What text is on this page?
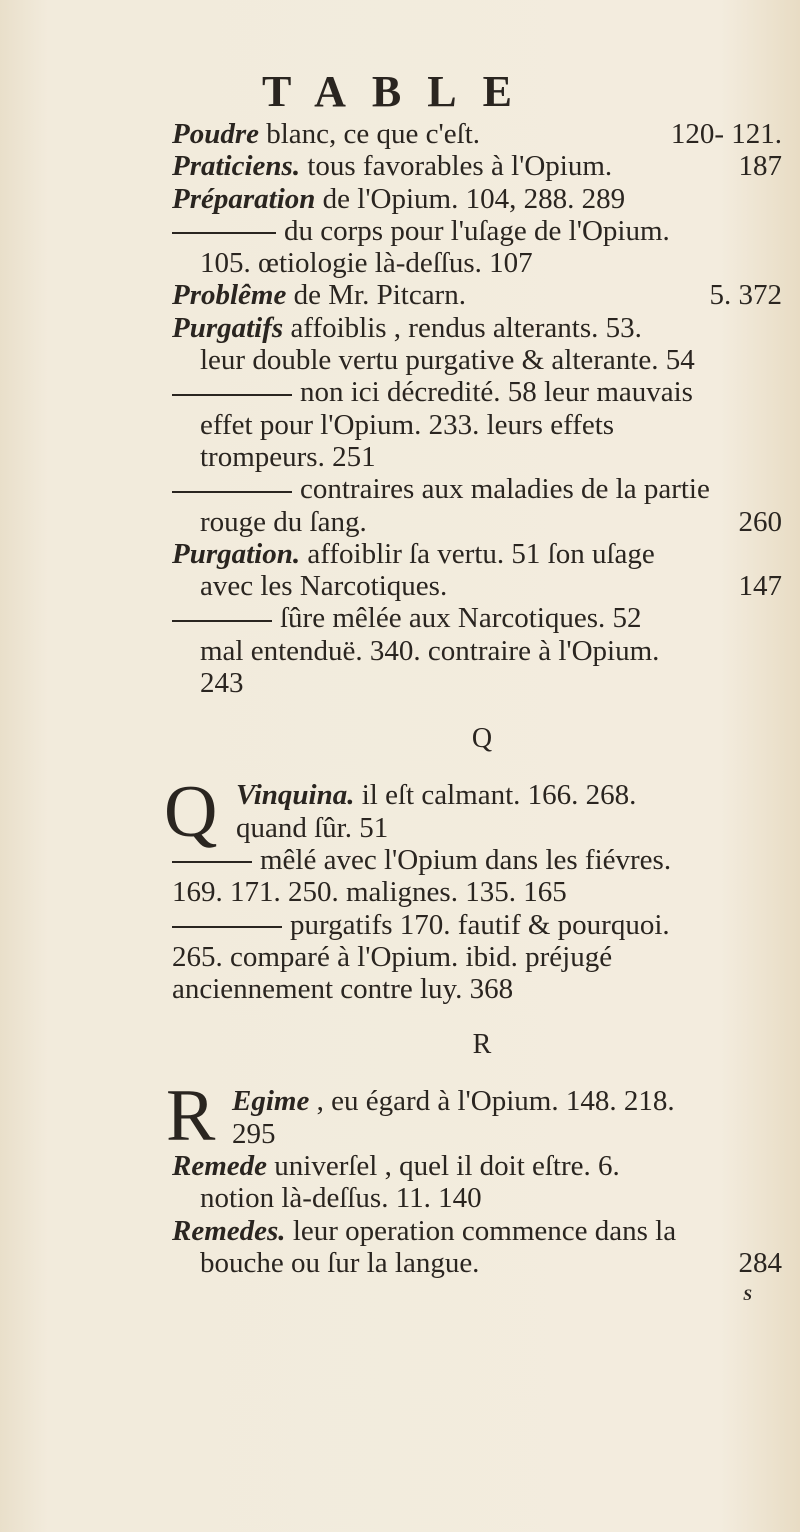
TABLE
Poudre blanc, ce que c'eſt.	120- 121.
Praticiens. tous favorables à l'Opium.	187
Préparation de l'Opium. 104, 288. 289
du corps pour l'uſage de l'Opium.
105. œtiologie là-deſſus. 107
Problême de Mr. Pitcarn.	5. 372
Purgatifs affoiblis , rendus alterants. 53.
leur double vertu purgative & alterante. 54
non ici décredité. 58 leur mauvais
effet pour l'Opium. 233. leurs effets
trompeurs. 251
contraires aux maladies de la partie
rouge du ſang.	260
Purgation. affoiblir ſa vertu. 51 ſon uſage
avec les Narcotiques.	147
ſûre mêlée aux Narcotiques. 52
mal entenduë. 340. contraire à l'Opium.
243
Q
Q Vinquina. il eſt calmant. 166. 268.
quand ſûr. 51
mêlé avec l'Opium dans les fiévres.
169. 171. 250. malignes. 135. 165
purgatifs 170. fautif & pourquoi.
265. comparé à l'Opium. ibid. préjugé
anciennement contre luy. 368
R
R Egime , eu égard à l'Opium. 148. 218.
295
Remede univerſel , quel il doit eſtre. 6.
notion là-deſſus. 11. 140
Remedes. leur operation commence dans la
bouche ou ſur la langue.	284
S
